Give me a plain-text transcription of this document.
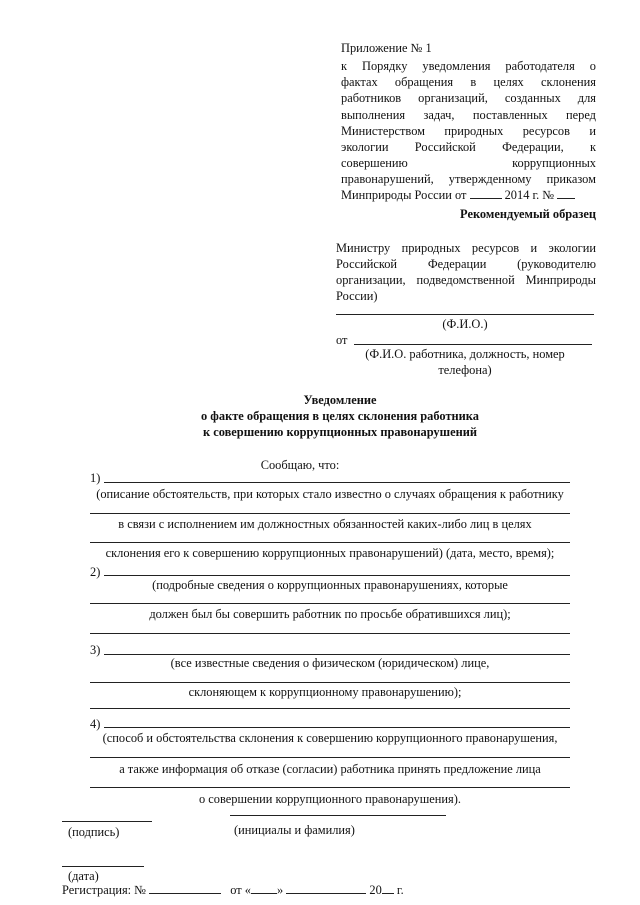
Приложение № 1
к Порядку уведомления работодателя о
фактах обращения в целях склонения
работников организаций, созданных для
выполнения задач, поставленных перед
Министерством природных ресурсов и
экологии Российской Федерации, к
совершению коррупционных
правонарушений, утвержденному приказом
Минприроды России от	2014 г. №
Рекомендуемый образец
Министру природных ресурсов и экологии
Российской Федерации (руководителю
организации, подведомственной Минприроды
России)
(Ф.И.О.)
от
(Ф.И.О. работника, должность, номер
телефона)
Уведомление
о факте обращения в целях склонения работника
к совершению коррупционных правонарушений
Сообщаю, что:
1)
(описание обстоятельств, при которых стало известно о случаях обращения к работнику
в связи с исполнением им должностных обязанностей каких-либо лиц в целях
склонения его к совершению коррупционных правонарушений) (дата, место, время);
2)
(подробные сведения о коррупционных правонарушениях, которые
должен был бы совершить работник по просьбе обратившихся лиц);
3)
(все известные сведения о физическом (юридическом) лице,
склоняющем к коррупционному правонарушению);
4)
(способ и обстоятельства склонения к совершению коррупционного правонарушения,
а также информация об отказе (согласии) работника принять предложение лица
о совершении коррупционного правонарушения).
(подпись)	(инициалы и фамилия)
(дата)
Регистрация: №	от « »	20 г.
